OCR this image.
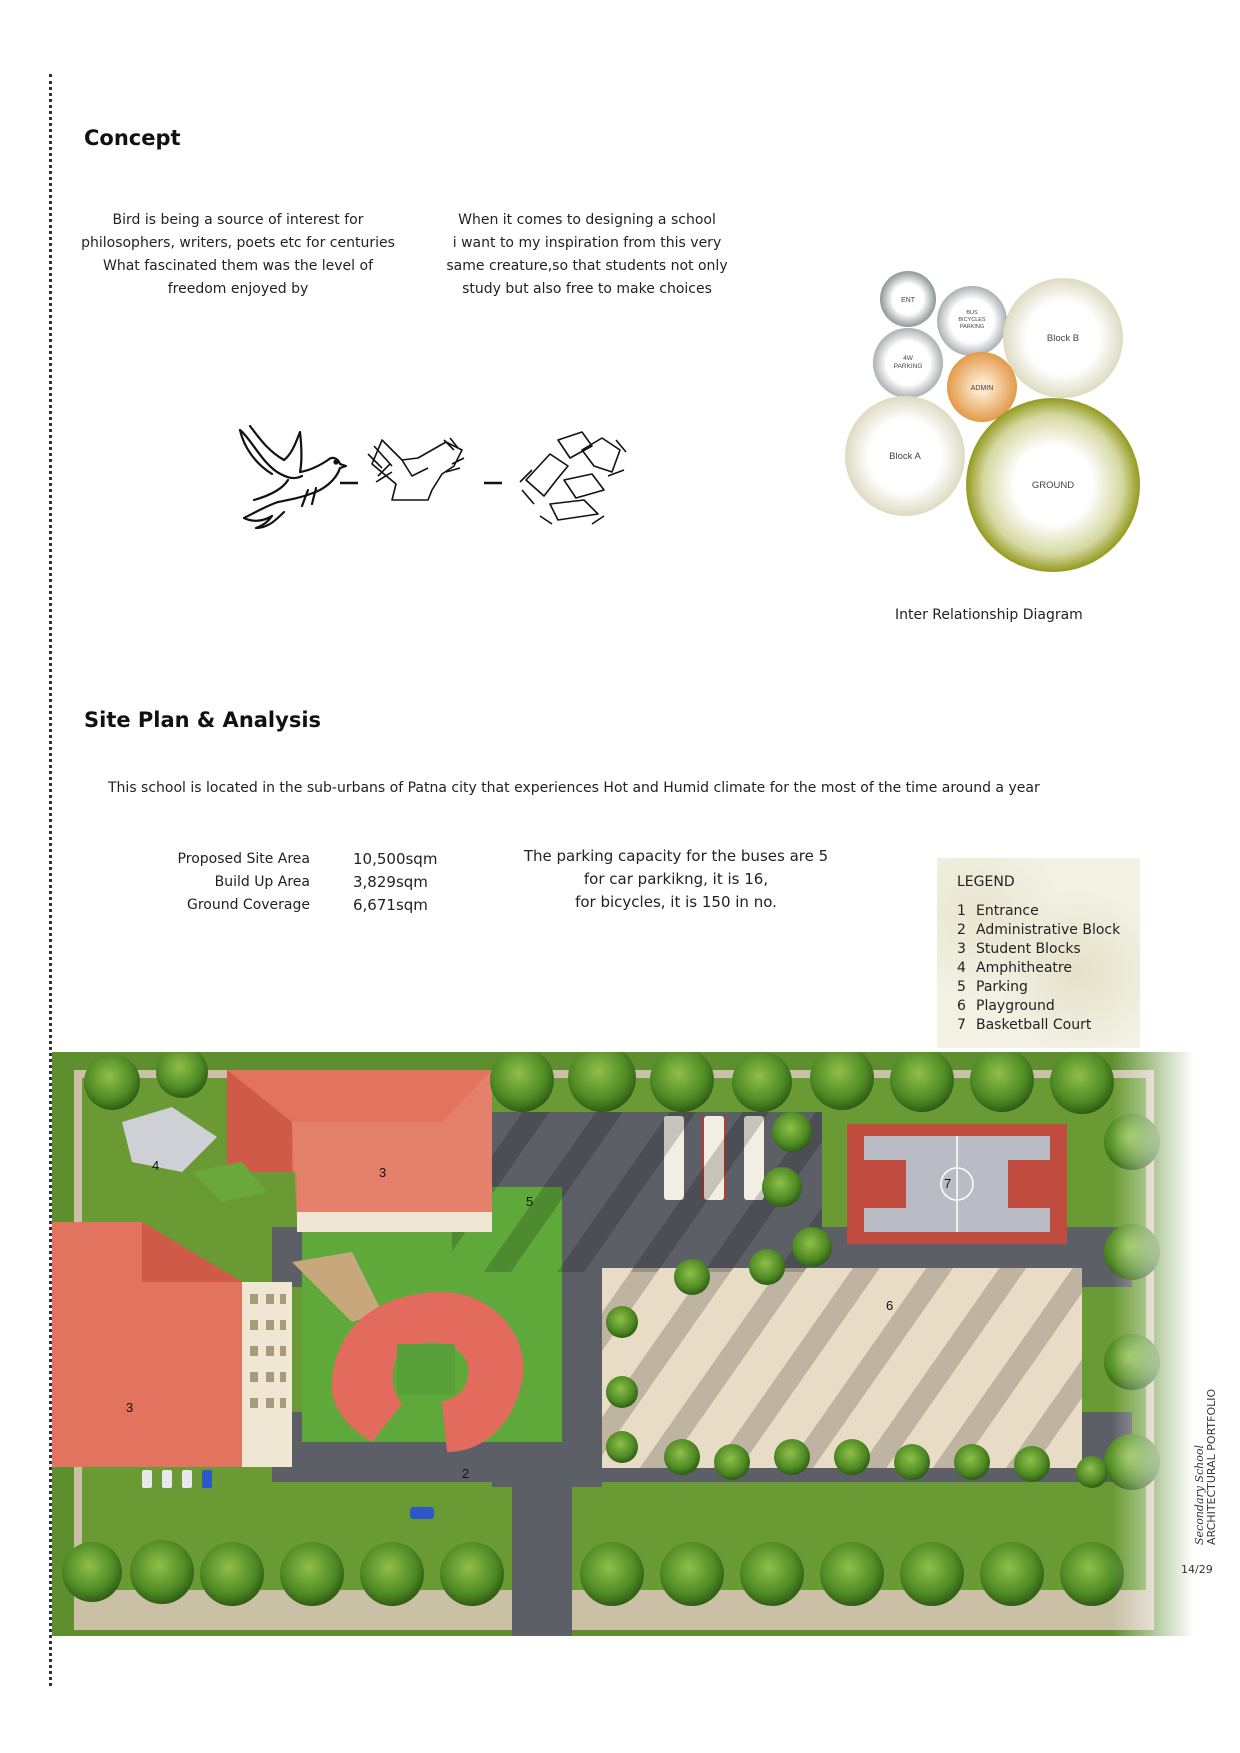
Concept
Bird is being a source of interest for
philosophers, writers, poets etc for centuries
What fascinated them was the level of
freedom enjoyed by
When it comes to designing a school
i want to my inspiration from this very
same creature,so that students not only
study but also free to make choices
–
ENT
BUS
BICYCLES
PARKING
4W
PARKING
Block B
ADMIN
Block A
GROUND
Inter Relationship Diagram
Site Plan & Analysis
This school is located in the sub-urbans of Patna city that experiences Hot and Humid climate for the most of the time around a year
Proposed Site Area
Build Up Area
Ground Coverage
10,500sqm
3,829sqm
6,671sqm
The parking capacity for the buses are 5
for car parkikng, it is 16,
for bicycles, it is 150 in no.
LEGEND
1 Entrance
2 Administrative Block
3 Student Blocks
4 Amphitheatre
5 Parking
6 Playground
7 Basketball Court
3
4
5
7
6
3
2	Secondary School
ARCHITECTURAL PORTFOLIO
14/29
